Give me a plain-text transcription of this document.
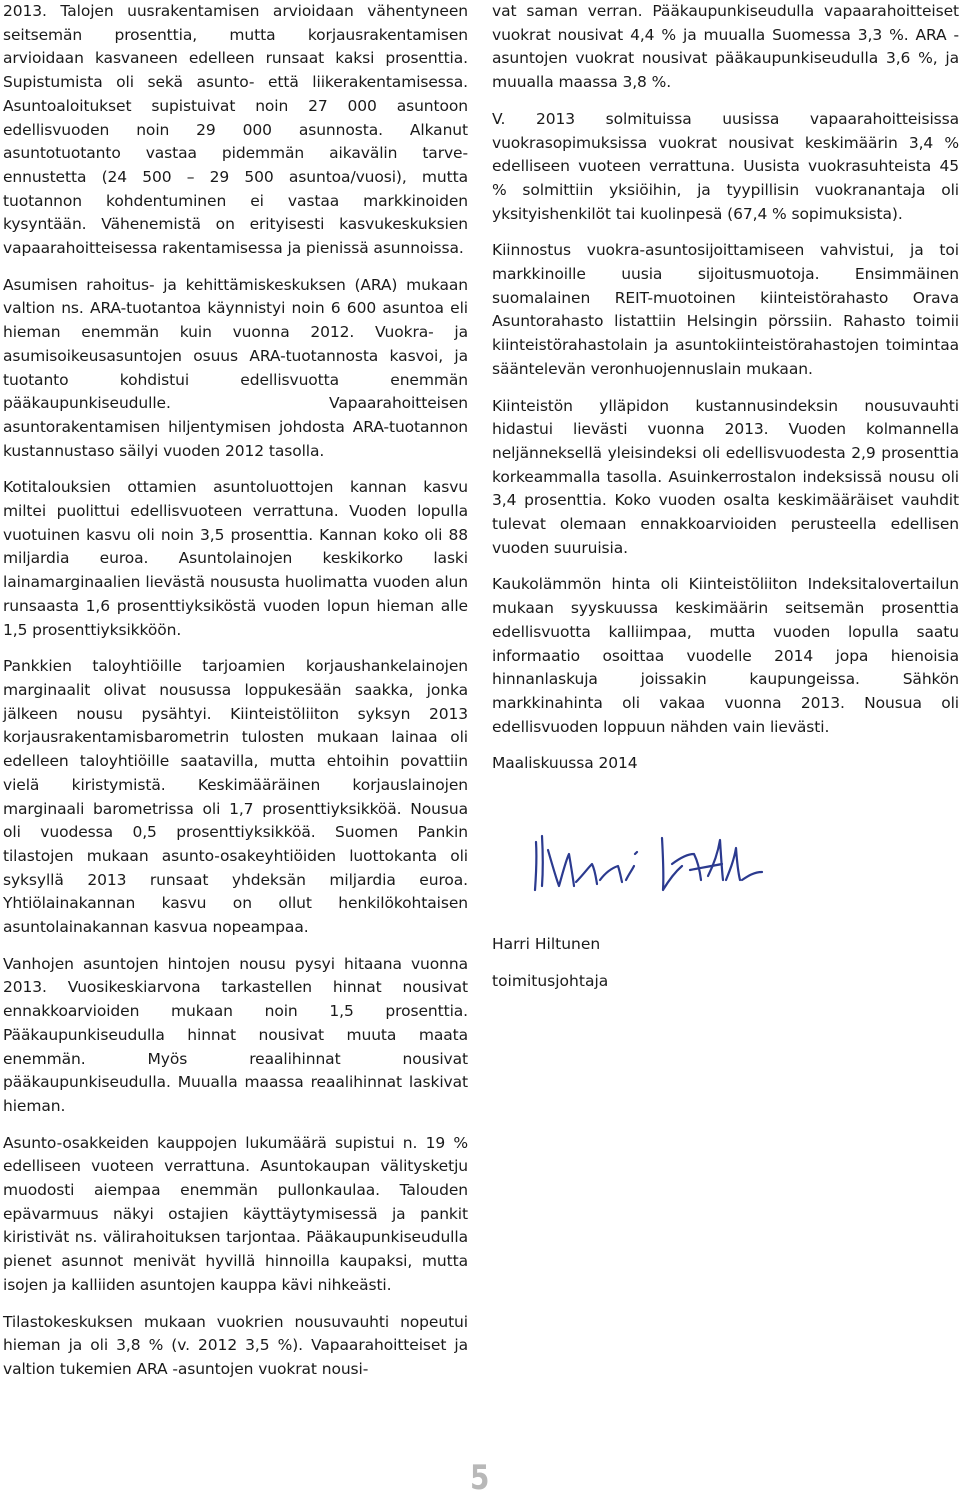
2013. Talojen uusrakentamisen arvioidaan vähentyneen seitsemän prosenttia, mutta korjausrakentamisen arvioidaan kasvaneen edelleen runsaat kaksi prosenttia. Supistumista oli sekä asunto- että liikerakentamisessa. Asuntoaloitukset supistuivat noin 27 000 asuntoon edellisvuoden noin 29 000 asunnosta. Alkanut asuntotuotanto vastaa pidemmän aikavälin tarve-ennustetta (24 500 – 29 500 asuntoa/vuosi), mutta tuotannon kohdentuminen ei vastaa markkinoiden kysyntään. Vähenemistä on erityisesti kasvukeskuksien vapaarahoitteisessa rakentamisessa ja pienissä asunnoissa.

Asumisen rahoitus- ja kehittämiskeskuksen (ARA) mukaan valtion ns. ARA-tuotantoa käynnistyi noin 6 600 asuntoa eli hieman enemmän kuin vuonna 2012. Vuokra- ja asumisoikeusasuntojen osuus ARA-tuotannosta kasvoi, ja tuotanto kohdistui edellisvuotta enemmän pääkaupunkiseudulle. Vapaarahoitteisen asuntorakentamisen hiljentymisen johdosta ARA-tuotannon kustannustaso säilyi vuoden 2012 tasolla.

Kotitalouksien ottamien asuntoluottojen kannan kasvu miltei puolittui edellisvuoteen verrattuna. Vuoden lopulla vuotuinen kasvu oli noin 3,5 prosenttia. Kannan koko oli 88 miljardia euroa. Asuntolainojen keskikorko laski lainamarginaalien lievästä noususta huolimatta vuoden alun runsaasta 1,6 prosenttiyksiköstä vuoden lopun hieman alle 1,5 prosenttiyksikköön.

Pankkien taloyhtiöille tarjoamien korjaushankelainojen marginaalit olivat nousussa loppukesään saakka, jonka jälkeen nousu pysähtyi. Kiinteistöliiton syksyn 2013 korjausrakentamisbarometrin tulosten mukaan lainaa oli edelleen taloyhtiöille saatavilla, mutta ehtoihin povattiin vielä kiristymistä. Keskimääräinen korjauslainojen marginaali barometrissa oli 1,7 prosenttiyksikköä. Nousua oli vuodessa 0,5 prosenttiyksikköä. Suomen Pankin tilastojen mukaan asunto-osakeyhtiöiden luottokanta oli syksyllä 2013 runsaat yhdeksän miljardia euroa. Yhtiölainakannan kasvu on ollut henkilökohtaisen asuntolainakannan kasvua nopeampaa.

Vanhojen asuntojen hintojen nousu pysyi hitaana vuonna 2013. Vuosikeskiarvona tarkastellen hinnat nousivat ennakkoarvioiden mukaan noin 1,5 prosenttia. Pääkaupunkiseudulla hinnat nousivat muuta maata enemmän. Myös reaalihinnat nousivat pääkaupunkiseudulla. Muualla maassa reaalihinnat laskivat hieman.

Asunto-osakkeiden kauppojen lukumäärä supistui n. 19 % edelliseen vuoteen verrattuna. Asuntokaupan välitysketju muodosti aiempaa enemmän pullonkaulaa. Talouden epävarmuus näkyi ostajien käyttäytymisessä ja pankit kiristivät ns. välirahoituksen tarjontaa. Pääkaupunkiseudulla pienet asunnot menivät hyvillä hinnoilla kaupaksi, mutta isojen ja kalliiden asuntojen kauppa kävi nihkeästi.

Tilastokeskuksen mukaan vuokrien nousuvauhti nopeutui hieman ja oli 3,8 % (v. 2012 3,5 %). Vapaarahoitteiset ja valtion tukemien ARA -asuntojen vuokrat nousi-

vat saman verran. Pääkaupunkiseudulla vapaarahoitteiset vuokrat nousivat 4,4 % ja muualla Suomessa 3,3 %. ARA -asuntojen vuokrat nousivat pääkaupunkiseudulla 3,6 %, ja muualla maassa 3,8 %.

V. 2013 solmituissa uusissa vapaarahoitteisissa vuokrasopimuksissa vuokrat nousivat keskimäärin 3,4 % edelliseen vuoteen verrattuna. Uusista vuokrasuhteista 45 % solmittiin yksiöihin, ja tyypillisin vuokranantaja oli yksityishenkilöt tai kuolinpesä (67,4 % sopimuksista).

Kiinnostus vuokra-asuntosijoittamiseen vahvistui, ja toi markkinoille uusia sijoitusmuotoja. Ensimmäinen suomalainen REIT-muotoinen kiinteistörahasto Orava Asuntorahasto listattiin Helsingin pörssiin. Rahasto toimii kiinteistörahastolain ja asuntokiinteistörahastojen toimintaa sääntelevän veronhuojennuslain mukaan.

Kiinteistön ylläpidon kustannusindeksin nousuvauhti hidastui lievästi vuonna 2013. Vuoden kolmannella neljänneksellä yleisindeksi oli edellisvuodesta 2,9 prosenttia korkeammalla tasolla. Asuinkerrostalon indeksissä nousu oli 3,4 prosenttia. Koko vuoden osalta keskimääräiset vauhdit tulevat olemaan ennakkoarvioiden perusteella edellisen vuoden suuruisia.

Kaukolämmön hinta oli Kiinteistöliiton Indeksitalovertailun mukaan syyskuussa keskimäärin seitsemän prosenttia edellisvuotta kalliimpaa, mutta vuoden lopulla saatu informaatio osoittaa vuodelle 2014 jopa hienoisia hinnanlaskuja joissakin kaupungeissa. Sähkön markkinahinta oli vakaa vuonna 2013. Nousua oli edellisvuoden loppuun nähden vain lievästi.

Maaliskuussa 2014
Harri Hiltunen
toimitusjohtaja
5
